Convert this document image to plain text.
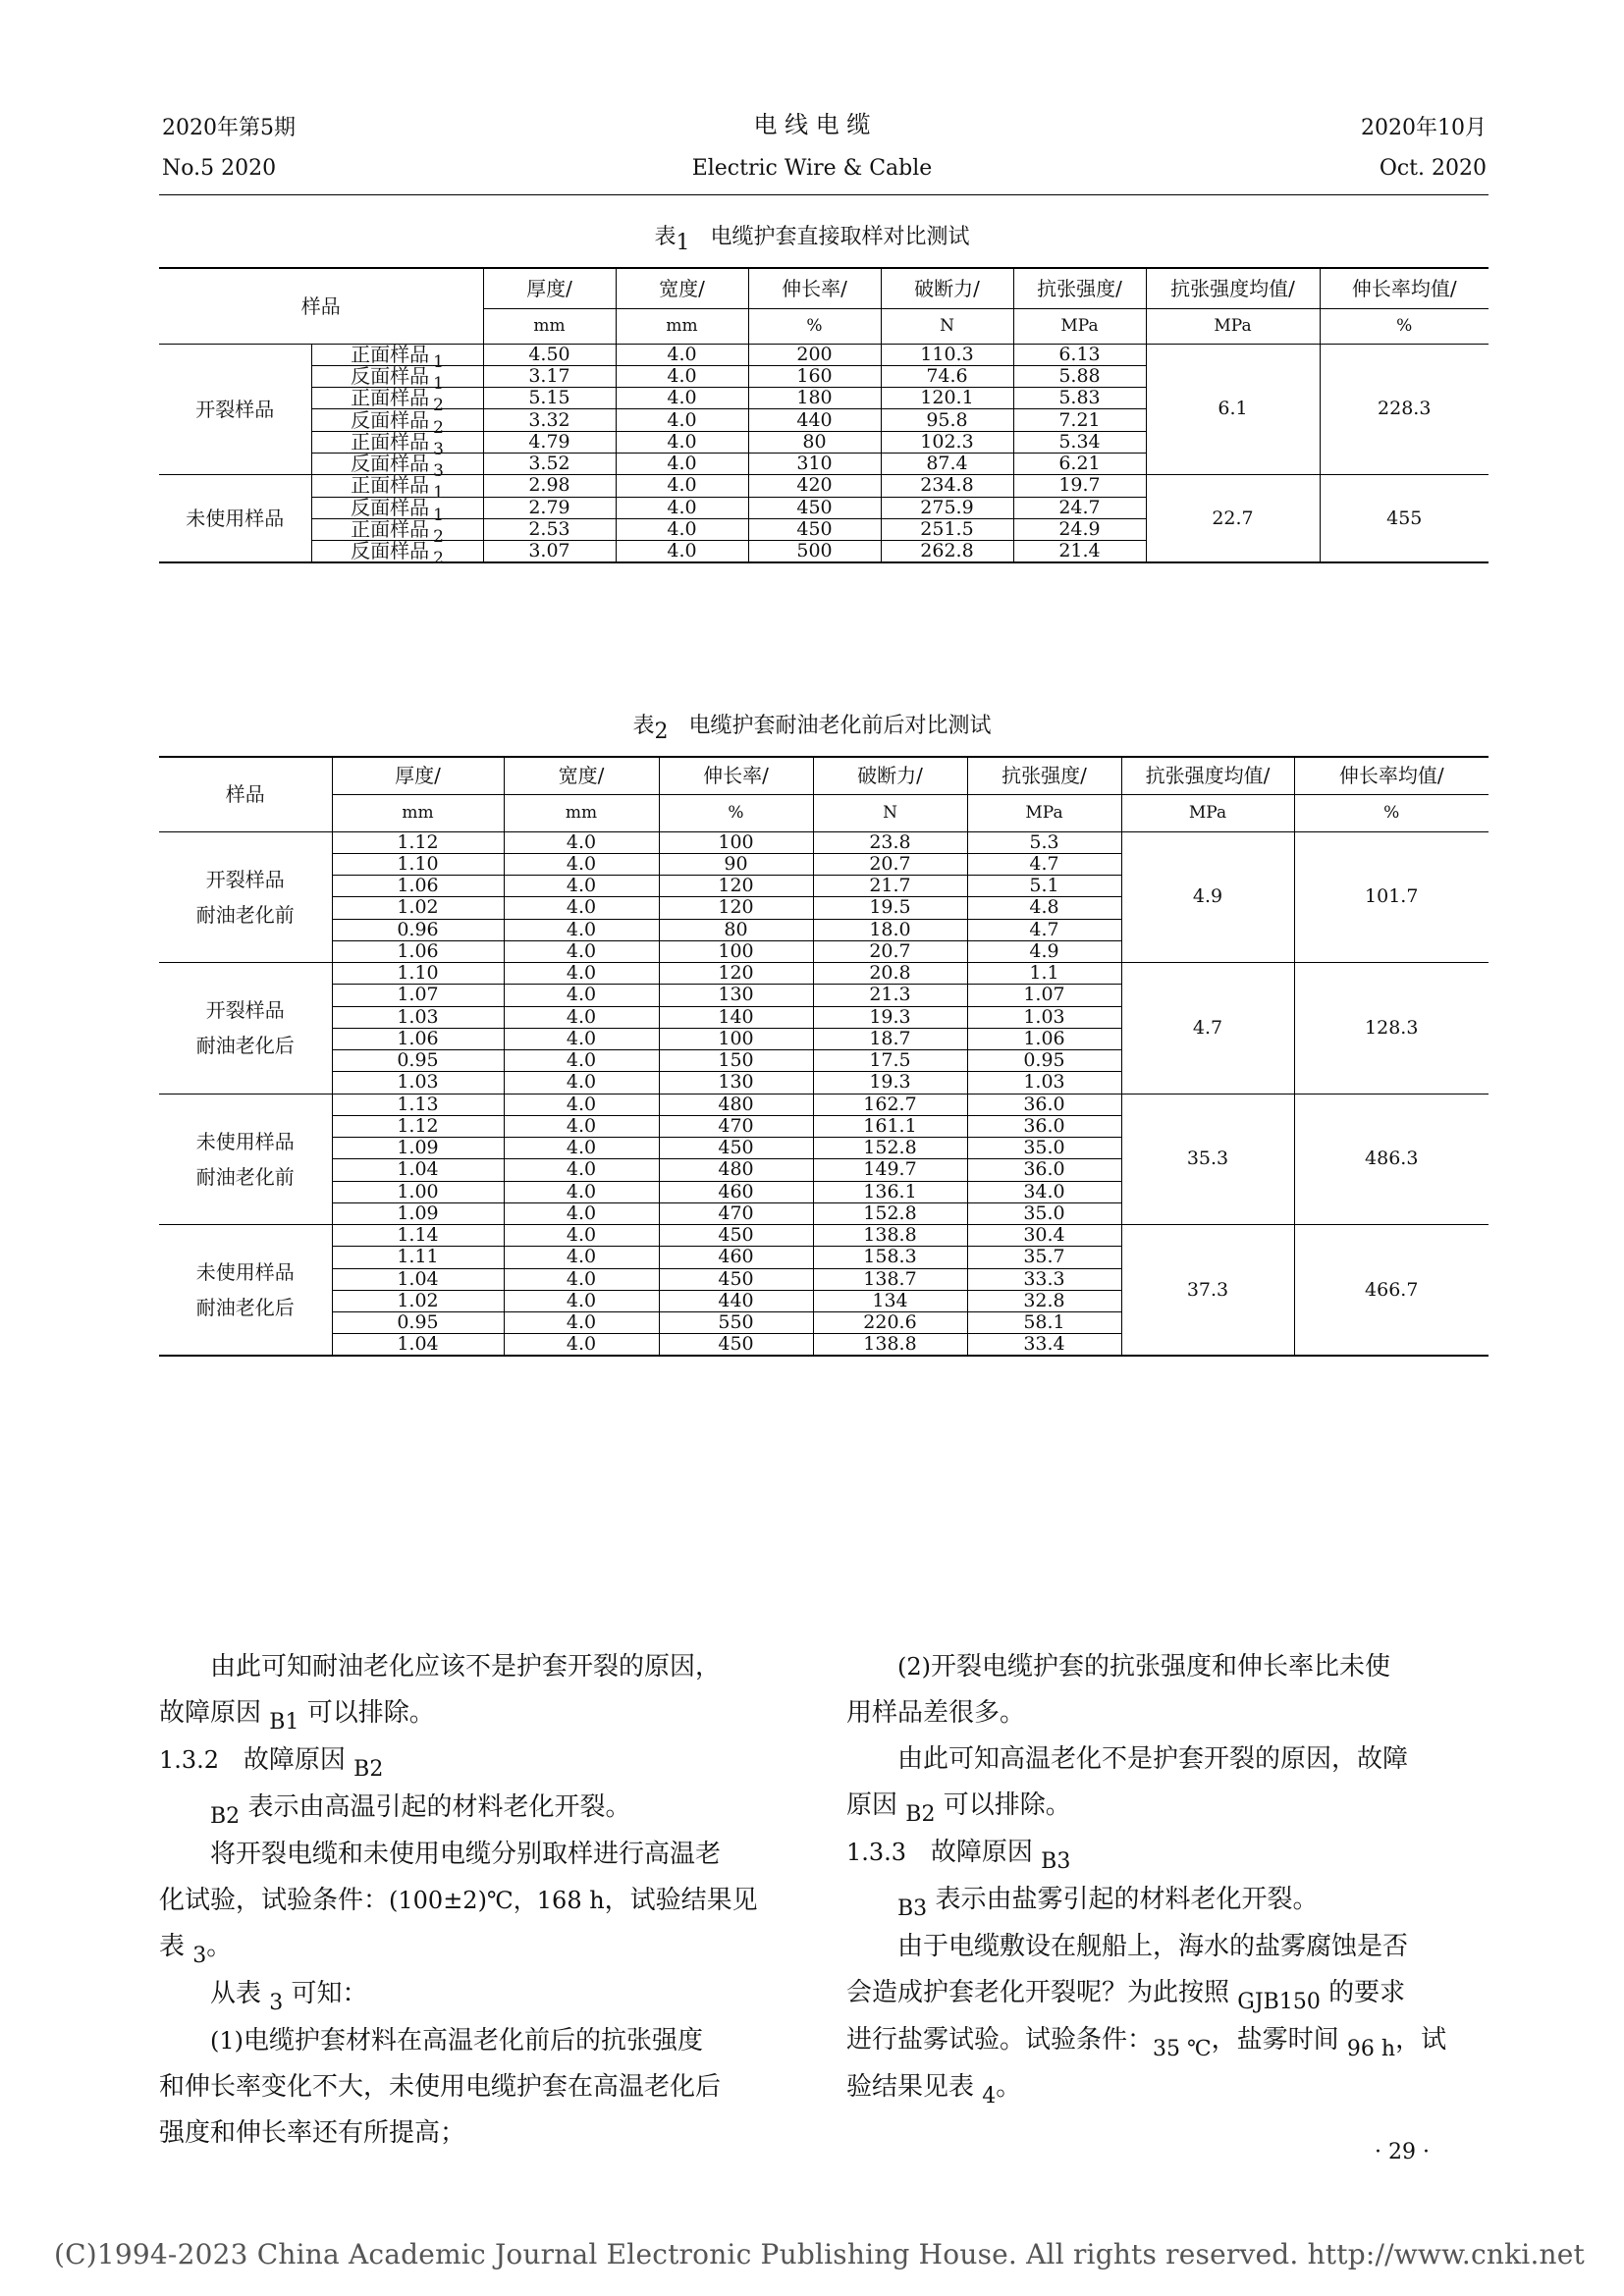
2020年第5期
No.5 2020
电 线 电 缆
Electric Wire & Cable
2020年10月
Oct. 2020
表1 电缆护套直接取样对比测试
样品		厚度/	宽度/	伸长率/	破断力/	抗张强度/	抗张强度均值/	伸长率均值/
		mm	mm	%	N	MPa	MPa	%
开裂样品	正面样品 $_1$	4.50	4.0	200	110.3	6.13	6.1	228.3
	反面样品 $_1$	3.17	4.0	160	74.6	5.88		
	正面样品 $_2$	5.15	4.0	180	120.1	5.83		
	反面样品 $_2$	3.32	4.0	440	95.8	7.21		
	正面样品 $_3$	4.79	4.0	80	102.3	5.34		
	反面样品 $_3$	3.52	4.0	310	87.4	6.21		
未使用样品	正面样品 $_1$	2.98	4.0	420	234.8	19.7	22.7	455
	反面样品 $_1$	2.79	4.0	450	275.9	24.7		
	正面样品 $_2$	2.53	4.0	450	251.5	24.9		
	反面样品 $_2$	3.07	4.0	500	262.8	21.4		
表2 电缆护套耐油老化前后对比测试
样品	厚度/	宽度/	伸长率/	破断力/	抗张强度/	抗张强度均值/	伸长率均值/
	mm	mm	%	N	MPa	MPa	%

开裂样品
耐油老化前	1.12	4.0	100	23.8	5.3	4.9	101.7
	1.10	4.0	90	20.7	4.7		
	1.06	4.0	120	21.7	5.1		
	1.02	4.0	120	19.5	4.8		
	0.96	4.0	80	18.0	4.7		
	1.06	4.0	100	20.7	4.9		

开裂样品
耐油老化后	1.10	4.0	120	20.8	1.1	4.7	128.3
	1.07	4.0	130	21.3	1.07		
	1.03	4.0	140	19.3	1.03		
	1.06	4.0	100	18.7	1.06		
	0.95	4.0	150	17.5	0.95		
	1.03	4.0	130	19.3	1.03		

未使用样品
耐油老化前	1.13	4.0	480	162.7	36.0	35.3	486.3
	1.12	4.0	470	161.1	36.0		
	1.09	4.0	450	152.8	35.0		
	1.04	4.0	480	149.7	36.0		
	1.00	4.0	460	136.1	34.0		
	1.09	4.0	470	152.8	35.0		

未使用样品
耐油老化后	1.14	4.0	450	138.8	30.4	37.3	466.7
	1.11	4.0	460	158.3	35.7		
	1.04	4.0	450	138.7	33.3		
	1.02	4.0	440	134	32.8		
	0.95	4.0	550	220.6	58.1		
	1.04	4.0	450	138.8	33.4		

由此可知耐油老化应该不是护套开裂的原因，

故障原因 $_{B1}$ 可以排除。

1.3.2 故障原因 $_{B2}$

$_{B2}$ 表示由高温引起的材料老化开裂。

将开裂电缆和未使用电缆分别取样进行高温老

化试验，试验条件：(100±2)℃，168 h，试验结果见

表 $_3$。

从表 $_3$ 可知：

(1)电缆护套材料在高温老化前后的抗张强度

和伸长率变化不大，未使用电缆护套在高温老化后

强度和伸长率还有所提高；

(2)开裂电缆护套的抗张强度和伸长率比未使

用样品差很多。

由此可知高温老化不是护套开裂的原因，故障

原因 $_{B2}$ 可以排除。

1.3.3 故障原因 $_{B3}$

$_{B3}$ 表示由盐雾引起的材料老化开裂。

由于电缆敷设在舰船上，海水的盐雾腐蚀是否

会造成护套老化开裂呢？为此按照 $_{GJB150}$ 的要求

进行盐雾试验。试验条件：$_{35 ℃}$，盐雾时间 $_{96 h}$，试

验结果见表 $_4$。

· 29 ·
(C)1994-2023 China Academic Journal Electronic Publishing House. All rights reserved. http://www.cnki.net
